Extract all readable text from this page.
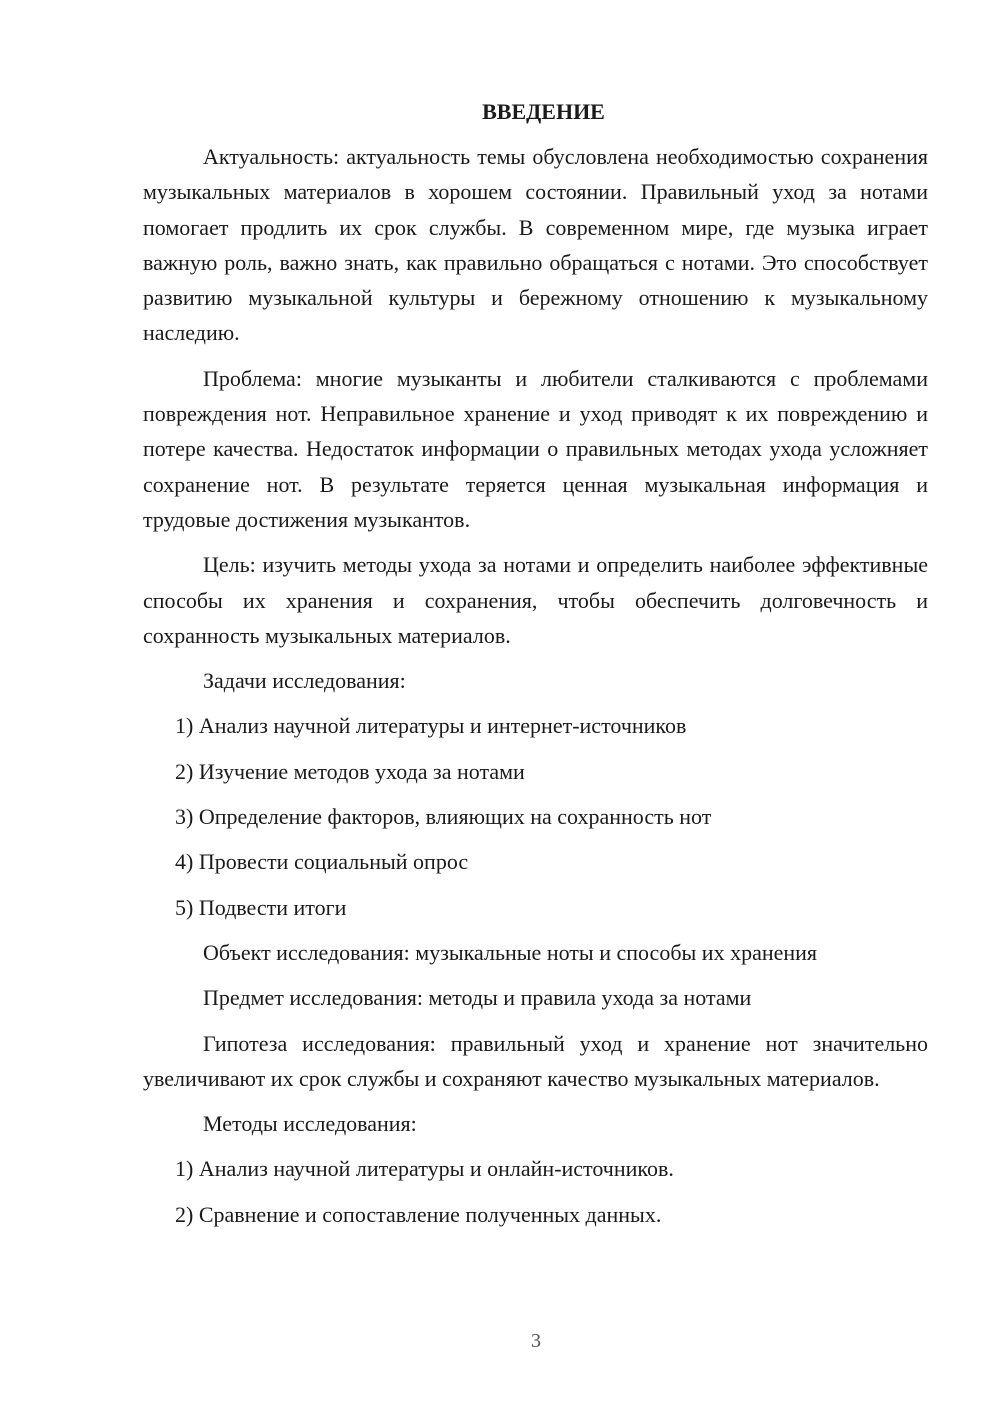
ВВЕДЕНИЕ

Актуальность: актуальность темы обусловлена необходимостью сохранения музыкальных материалов в хорошем состоянии. Правильный уход за нотами помогает продлить их срок службы. В современном мире, где музыка играет важную роль, важно знать, как правильно обращаться с нотами. Это способствует развитию музыкальной культуры и бережному отношению к музыкальному наследию.

Проблема: многие музыканты и любители сталкиваются с проблемами повреждения нот. Неправильное хранение и уход приводят к их повреждению и потере качества. Недостаток информации о правильных методах ухода усложняет сохранение нот. В результате теряется ценная музыкальная информация и трудовые достижения музыкантов.

Цель: изучить методы ухода за нотами и определить наиболее эффективные способы их хранения и сохранения, чтобы обеспечить долговечность и сохранность музыкальных материалов.

Задачи исследования:

1) Анализ научной литературы и интернет-источников

2) Изучение методов ухода за нотами

3) Определение факторов, влияющих на сохранность нот

4) Провести социальный опрос

5) Подвести итоги

Объект исследования: музыкальные ноты и способы их хранения

Предмет исследования: методы и правила ухода за нотами

Гипотеза исследования: правильный уход и хранение нот значительно увеличивают их срок службы и сохраняют качество музыкальных материалов.

Методы исследования:

1) Анализ научной литературы и онлайн-источников.

2) Сравнение и сопоставление полученных данных.

3
